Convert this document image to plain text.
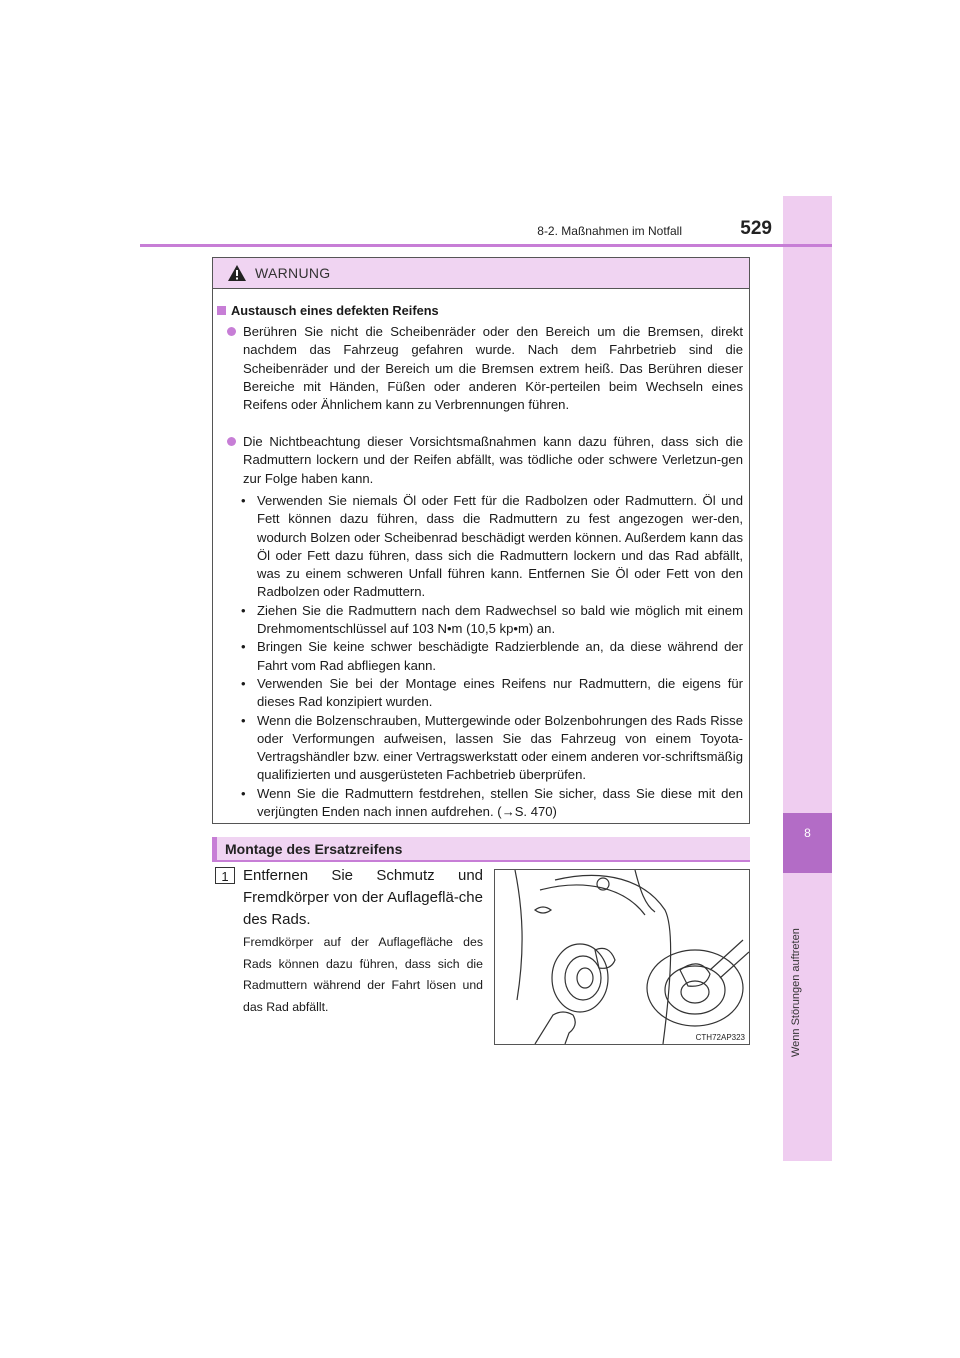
8
Wenn Störungen auftreten
8-2. Maßnahmen im Notfall	529
WARNUNG
Austausch eines defekten Reifens
Berühren Sie nicht die Scheibenräder oder den Bereich um die Bremsen, direkt nachdem das Fahrzeug gefahren wurde. Nach dem Fahrbetrieb sind die Scheibenräder und der Bereich um die Bremsen extrem heiß. Das Berühren dieser Bereiche mit Händen, Füßen oder anderen Kör-perteilen beim Wechseln eines Reifens oder Ähnlichem kann zu Verbrennungen führen.
Die Nichtbeachtung dieser Vorsichtsmaßnahmen kann dazu führen, dass sich die Radmuttern lockern und der Reifen abfällt, was tödliche oder schwere Verletzun-gen zur Folge haben kann.
• Verwenden Sie niemals Öl oder Fett für die Radbolzen oder Radmuttern. Öl und Fett können dazu führen, dass die Radmuttern zu fest angezogen wer-den, wodurch Bolzen oder Scheibenrad beschädigt werden können. Außerdem kann das Öl oder Fett dazu führen, dass sich die Radmuttern lockern und das Rad abfällt, was zu einem schweren Unfall führen kann. Entfernen Sie Öl oder Fett von den Radbolzen oder Radmuttern.
• Ziehen Sie die Radmuttern nach dem Radwechsel so bald wie möglich mit einem Drehmomentschlüssel auf 103 N•m (10,5 kp•m) an.
• Bringen Sie keine schwer beschädigte Radzierblende an, da diese während der Fahrt vom Rad abfliegen kann.
• Verwenden Sie bei der Montage eines Reifens nur Radmuttern, die eigens für dieses Rad konzipiert wurden.
• Wenn die Bolzenschrauben, Muttergewinde oder Bolzenbohrungen des Rads Risse oder Verformungen aufweisen, lassen Sie das Fahrzeug von einem Toyota-Vertragshändler bzw. einer Vertragswerkstatt oder einem anderen vor-schriftsmäßig qualifizierten und ausgerüsteten Fachbetrieb überprüfen.
• Wenn Sie die Radmuttern festdrehen, stellen Sie sicher, dass Sie diese mit den verjüngten Enden nach innen aufdrehen. (→S. 470)
Montage des Ersatzreifens
1 Entfernen Sie Schmutz und Fremdkörper von der Auflageflä-che des Rads.
Fremdkörper auf der Auflagefläche des Rads können dazu führen, dass sich die Radmuttern während der Fahrt lösen und das Rad abfällt.
CTH72AP323
